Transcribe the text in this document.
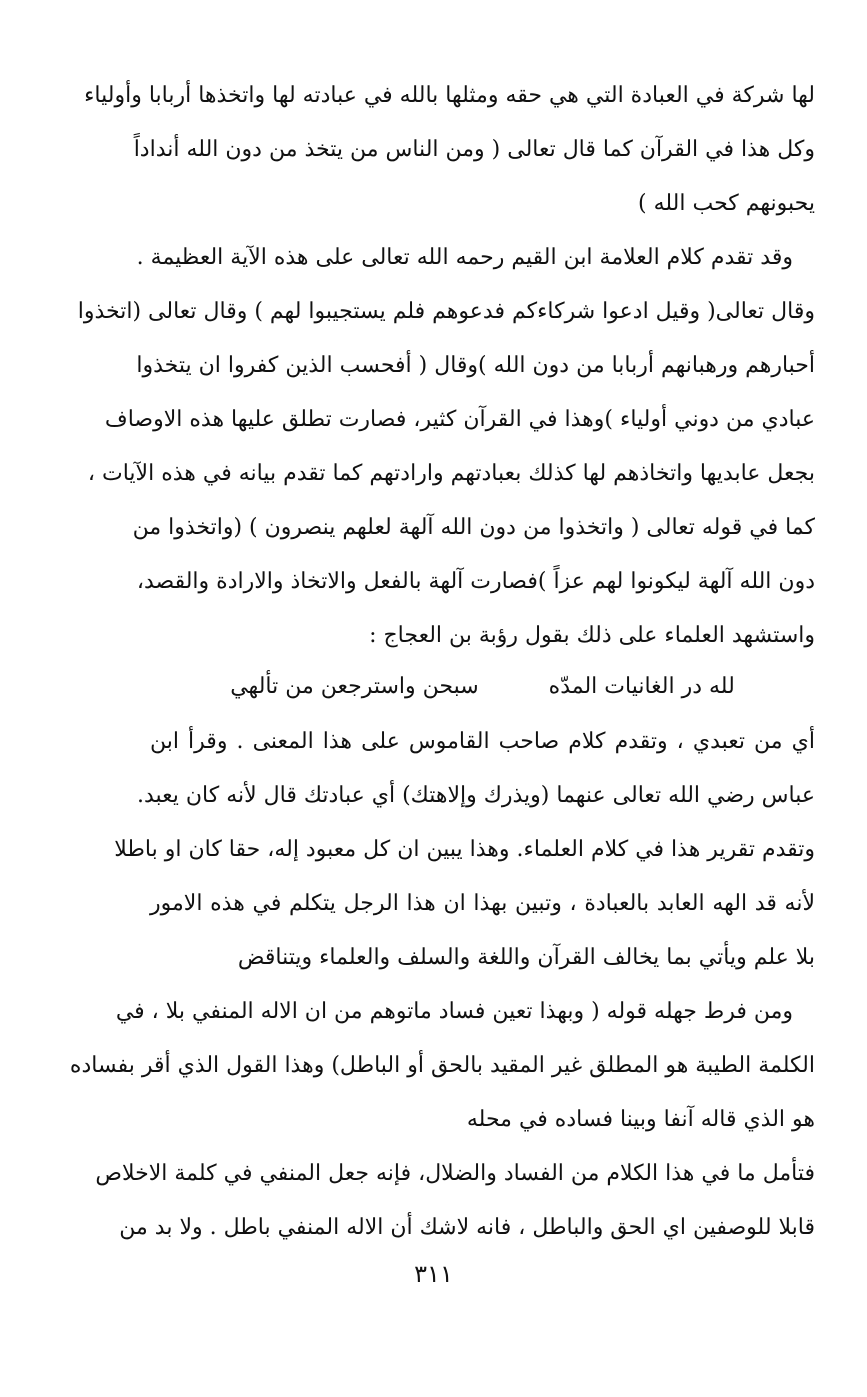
لها شركة في العبادة التي هي حقه ومثلها بالله في عبادته لها واتخذها أربابا وأولياء
وكل هذا في القرآن كما قال تعالى ( ومن الناس من يتخذ من دون الله أنداداً
يحبونهم كحب الله )
وقد تقدم كلام العلامة ابن القيم رحمه الله تعالى على هذه الآية العظيمة .
وقال تعالى( وقيل ادعوا شركاءكم فدعوهم فلم يستجيبوا لهم ) وقال تعالى (اتخذوا
أحبارهم ورهبانهم أربابا من دون الله )وقال ( أفحسب الذين كفروا ان يتخذوا
عبادي من دوني أولياء )وهذا في القرآن كثير، فصارت تطلق عليها هذه الاوصاف
بجعل عابديها واتخاذهم لها كذلك بعبادتهم وارادتهم كما تقدم بيانه في هذه الآيات ،
كما في قوله تعالى ( واتخذوا من دون الله آلهة لعلهم ينصرون ) (واتخذوا من
دون الله آلهة ليكونوا لهم عزاً )فصارت آلهة بالفعل والاتخاذ والارادة والقصد،
واستشهد العلماء على ذلك بقول رؤبة بن العجاج :
لله در الغانيات المدّه
سبحن واسترجعن من تألهي
أي من تعبدي ، وتقدم كلام صاحب القاموس على هذا المعنى . وقرأ ابن
عباس رضي الله تعالى عنهما (ويذرك وإلاهتك) أي عبادتك قال لأنه كان يعبد.
وتقدم تقرير هذا في كلام العلماء. وهذا يبين ان كل معبود إله، حقا كان او باطلا
لأنه قد الهه العابد بالعبادة ، وتبين بهذا ان هذا الرجل يتكلم في هذه الامور
بلا علم ويأتي بما يخالف القرآن واللغة والسلف والعلماء ويتناقض
ومن فرط جهله قوله ( وبهذا تعين فساد ماتوهم من ان الاله المنفي بلا ، في
الكلمة الطيبة هو المطلق غير المقيد بالحق أو الباطل) وهذا القول الذي أقر بفساده
هو الذي قاله آنفا وبينا فساده في محله
فتأمل ما في هذا الكلام من الفساد والضلال، فإنه جعل المنفي في كلمة الاخلاص
قابلا للوصفين اي الحق والباطل ، فانه لاشك أن الاله المنفي باطل . ولا بد من
٣١١
